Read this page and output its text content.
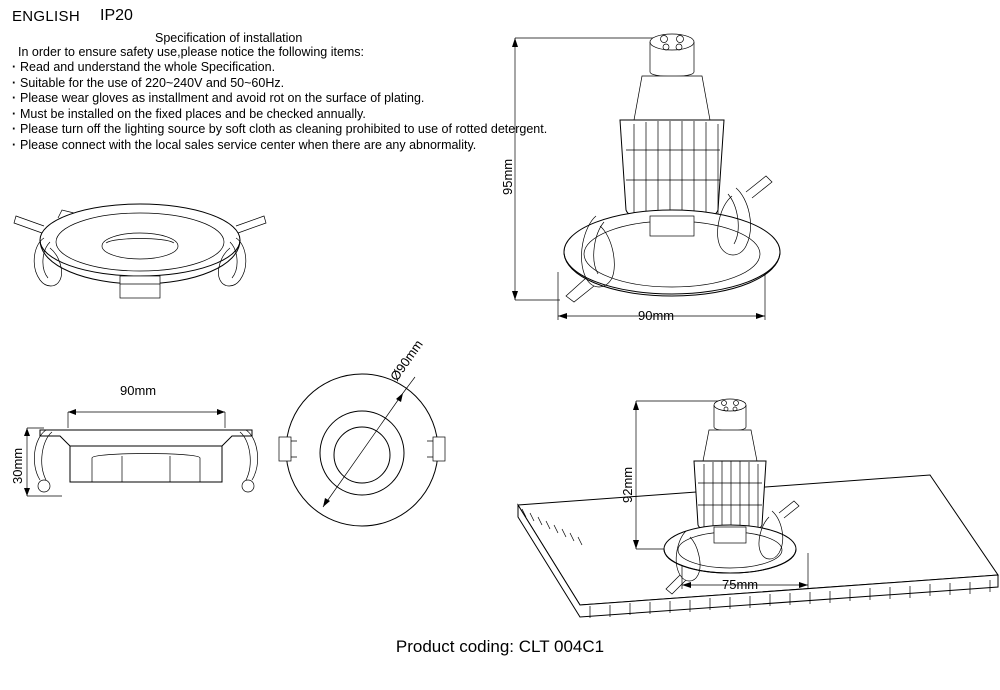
ENGLISH IP20
Specification of installation
In order to ensure safety use,please notice the following items:
· Read and understand the whole Specification.
· Suitable for the use of 220~240V and 50~60Hz.
· Please wear gloves as installment and avoid rot on the surface of plating.
· Must be installed on the fixed places and be checked annually.
· Please turn off the lighting source by soft cloth as cleaning prohibited to use of rotted detergent.
· Please connect with the local sales service center when there are any abnormality.
90mm
30mm
Ø90mm
95mm
90mm
92mm
75mm
Product coding: CLT 004C1
